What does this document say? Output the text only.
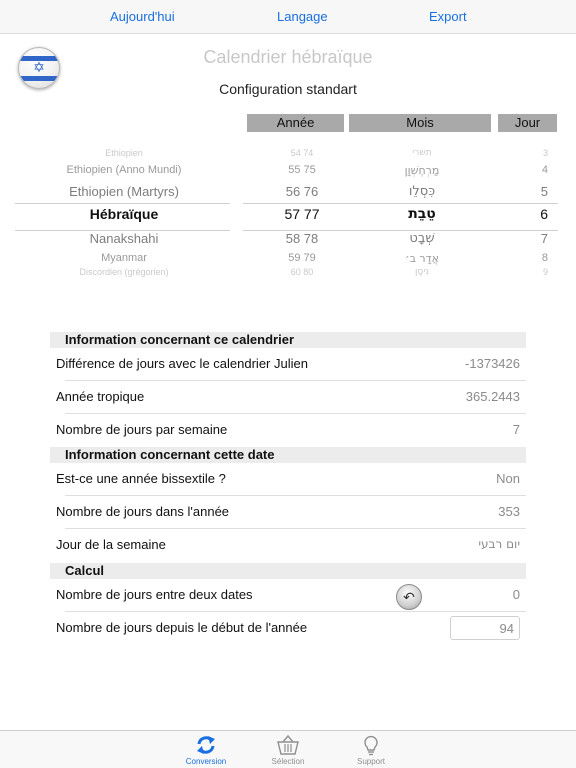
Aujourd'hui	Langage	Export
✡	Calendrier hébraïque
Configuration standart
Année	Mois	Jour
Ethiopien	54 74	תשרי	3
Ethiopien (Anno Mundi)	55 75	מַרְחֶשְׁוָן	4
Ethiopien (Martyrs)	56 76	כִּסְלֵו	5
Hébraïque	57 77	טֵבֵת	6
Nanakshahi	58 78	שְׁבָט	7
Myanmar	59 79	אֲדָר ב׳	8
Discordien (grégorien)	60 80	נִיסָן	9
Information concernant ce calendrier
Différence de jours avec le calendrier Julien	-1373426
Année tropique	365.2443
Nombre de jours par semaine	7
Information concernant cette date
Est-ce une année bissextile ?	Non
Nombre de jours dans l'année	353
Jour de la semaine	יום רבעי
Calcul
Nombre de jours entre deux dates	↶	0
Nombre de jours depuis le début de l'année	94
Conversion	Sélection	Support
